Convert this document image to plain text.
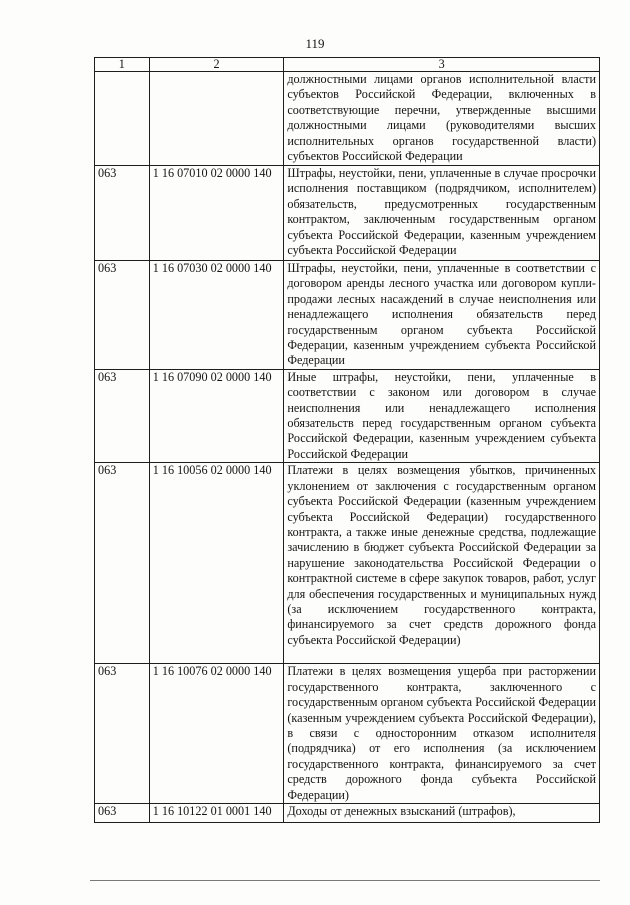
119
1	2	3
		должностными лицами органов исполнительной власти субъектов Российской Федерации, включенных в соответствующие перечни, утвержденные высшими должностными лицами (руководителями высших исполнительных органов государственной власти) субъектов Российской Федерации
063	1 16 07010 02 0000 140	Штрафы, неустойки, пени, уплаченные в случае просрочки исполнения поставщиком (подрядчиком, исполнителем) обязательств, предусмотренных государственным контрактом, заключенным государственным органом субъекта Российской Федерации, казенным учреждением субъекта Российской Федерации
063	1 16 07030 02 0000 140	Штрафы, неустойки, пени, уплаченные в соответствии с договором аренды лесного участка или договором купли-продажи лесных насаждений в случае неисполнения или ненадлежащего исполнения обязательств перед государственным органом субъекта Российской Федерации, казенным учреждением субъекта Российской Федерации
063	1 16 07090 02 0000 140	Иные штрафы, неустойки, пени, уплаченные в соответствии с законом или договором в случае неисполнения или ненадлежащего исполнения обязательств перед государственным органом субъекта Российской Федерации, казенным учреждением субъекта Российской Федерации
063	1 16 10056 02 0000 140	Платежи в целях возмещения убытков, причиненных уклонением от заключения с государственным органом субъекта Российской Федерации (казенным учреждением субъекта Российской Федерации) государственного контракта, а также иные денежные средства, подлежащие зачислению в бюджет субъекта Российской Федерации за нарушение законодательства Российской Федерации о контрактной системе в сфере закупок товаров, работ, услуг для обеспечения государственных и муниципальных нужд (за исключением государственного контракта, финансируемого за счет средств дорожного фонда субъекта Российской Федерации)
063	1 16 10076 02 0000 140	Платежи в целях возмещения ущерба при расторжении государственного контракта, заключенного с государственным органом субъекта Российской Федерации (казенным учреждением субъекта Российской Федерации), в связи с односторонним отказом исполнителя (подрядчика) от его исполнения (за исключением государственного контракта, финансируемого за счет средств дорожного фонда субъекта Российской Федерации)
063	1 16 10122 01 0001 140	Доходы от денежных взысканий (штрафов),
